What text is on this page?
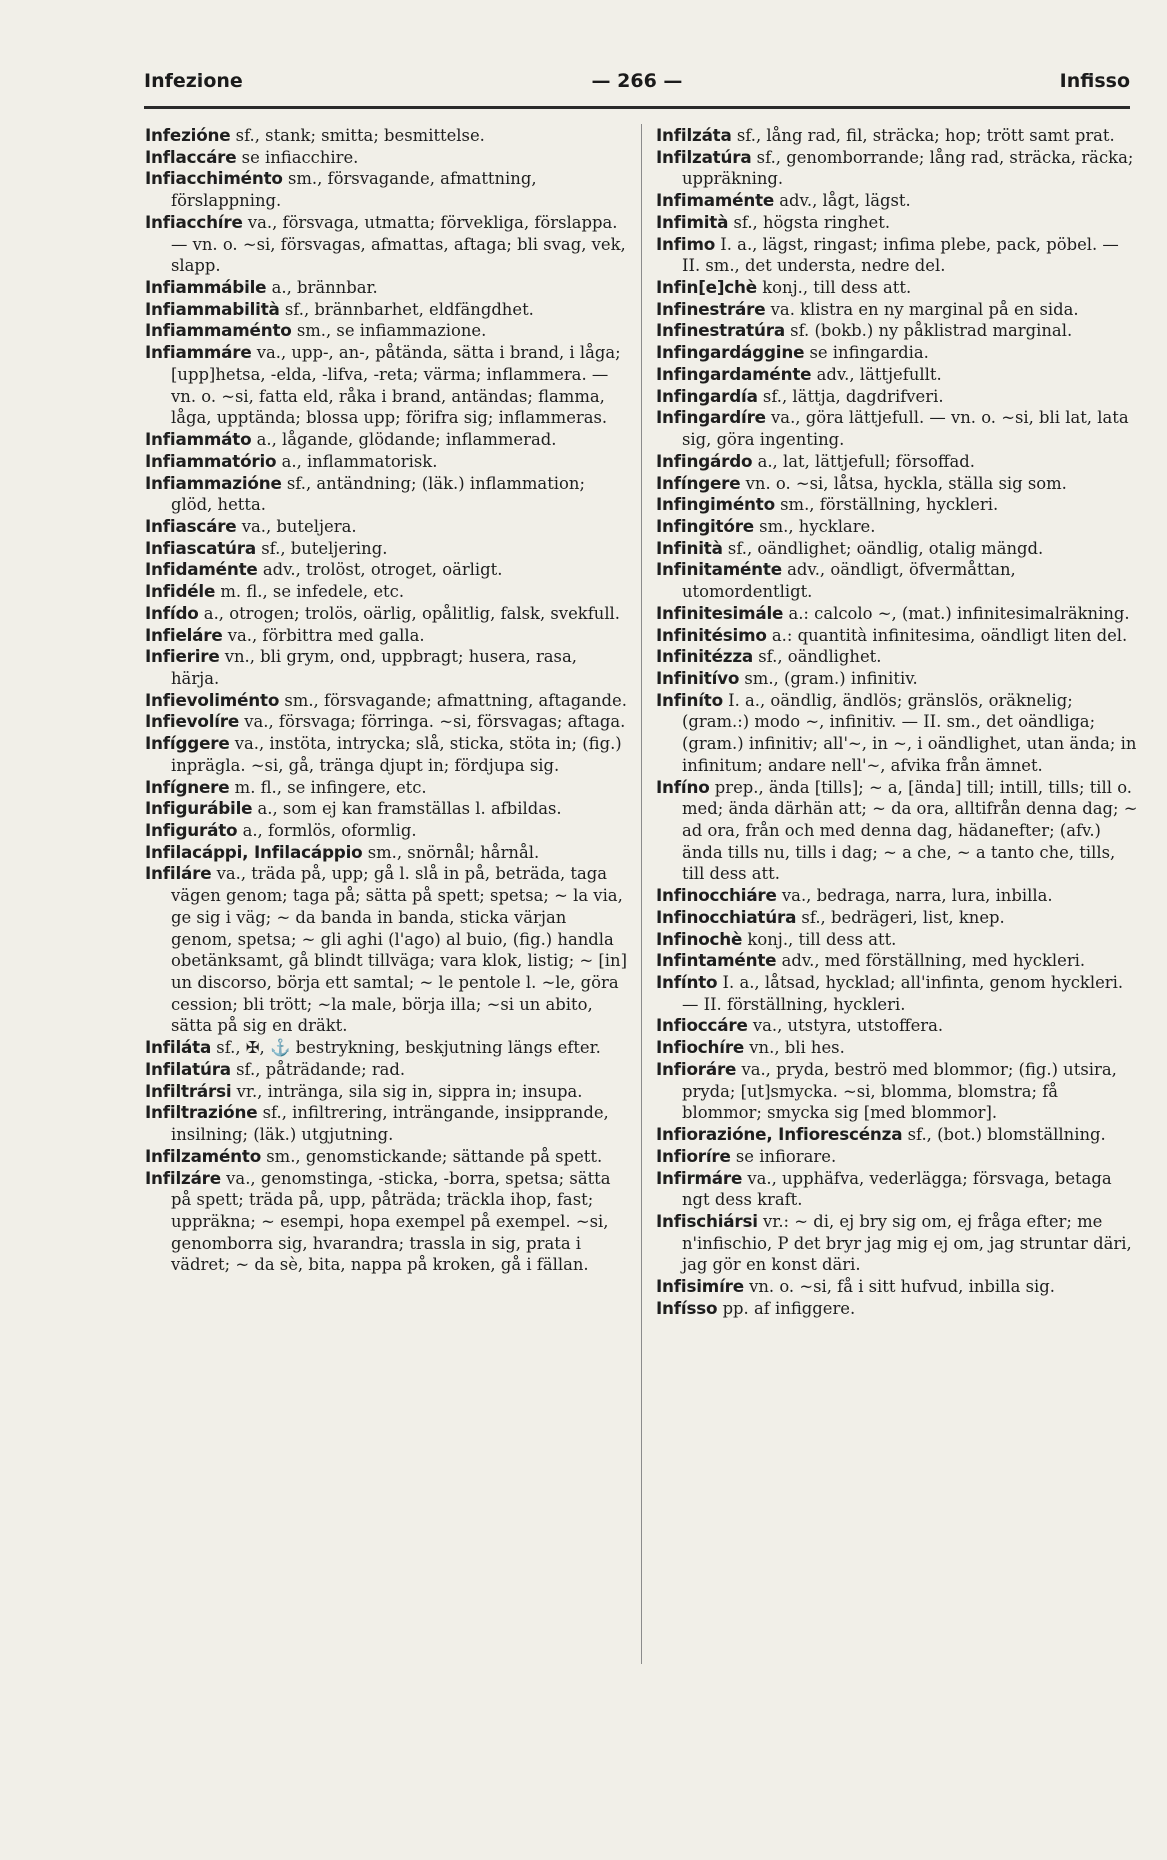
Infezione	— 266 —	Infisso

Infezióne sf., stank; smitta; besmittelse.

Inflaccáre se infiacchire.

Infiacchiménto sm., försvagande, afmattning, förslappning.

Infiacchíre va., försvaga, utmatta; förvekliga, förslappa. — vn. o. ~si, försvagas, afmattas, aftaga; bli svag, vek, slapp.

Infiammábile a., brännbar.

Infiammabilità sf., brännbarhet, eldfängdhet.

Infiammaménto sm., se infiammazione.

Infiammáre va., upp-, an-, påtända, sätta i brand, i låga; [upp]hetsa, -elda, -lifva, -reta; värma; inflammera. — vn. o. ~si, fatta eld, råka i brand, antändas; flamma, låga, upptända; blossa upp; förifra sig; inflammeras.

Infiammáto a., lågande, glödande; inflammerad.

Infiammatório a., inflammatorisk.

Infiammazióne sf., antändning; (läk.) inflammation; glöd, hetta.

Infiascáre va., buteljera.

Infiascatúra sf., buteljering.

Infidaménte adv., trolöst, otroget, oärligt.

Infidéle m. fl., se infedele, etc.

Infído a., otrogen; trolös, oärlig, opålitlig, falsk, svekfull.

Infieláre va., förbittra med galla.

Infierire vn., bli grym, ond, uppbragt; husera, rasa, härja.

Infievoliménto sm., försvagande; afmattning, aftagande.

Infievolíre va., försvaga; förringa. ~si, försvagas; aftaga.

Infíggere va., instöta, intrycka; slå, sticka, stöta in; (fig.) inprägla. ~si, gå, tränga djupt in; fördjupa sig.

Infígnere m. fl., se infingere, etc.

Infigurábile a., som ej kan framställas l. afbildas.

Infiguráto a., formlös, oformlig.

Infilacáppi, Infilacáppio sm., snörnål; hårnål.

Infiláre va., träda på, upp; gå l. slå in på, beträda, taga vägen genom; taga på; sätta på spett; spetsa; ~ la via, ge sig i väg; ~ da banda in banda, sticka värjan genom, spetsa; ~ gli aghi (l'ago) al buio, (fig.) handla obetänksamt, gå blindt tillväga; vara klok, listig; ~ [in] un discorso, börja ett samtal; ~ le pentole l. ~le, göra cession; bli trött; ~la male, börja illa; ~si un abito, sätta på sig en dräkt.

Infiláta sf., ✠, ⚓ bestrykning, beskjutning längs efter.

Infilatúra sf., påträdande; rad.

Infiltrársi vr., inträngа, sila sig in, sippra in; insupa.

Infiltrazióne sf., infiltrering, inträngande, insipprande, insilning; (läk.) utgjutning.

Infilzaménto sm., genomstickande; sättande på spett.

Infilzáre va., genomstinga, -sticka, -borra, spetsa; sätta på spett; träda på, upp, påträda; träckla ihop, fast; uppräkna; ~ esempi, hopa exempel på exempel. ~si, genomborra sig, hvarandra; trassla in sig, prata i vädret; ~ da sè, bita, nappa på kroken, gå i fällan.

Infilzáta sf., lång rad, fil, sträcka; hop; trött samt prat.

Infilzatúra sf., genomborrande; lång rad, sträcka, räcka; uppräkning.

Infimaménte adv., lågt, lägst.

Infimità sf., högsta ringhet.

Infimo I. a., lägst, ringast; infima plebe, pack, pöbel. — II. sm., det understa, nedre del.

Infin[e]chè konj., till dess att.

Infinestráre va. klistra en ny marginal på en sida.

Infinestratúra sf. (bokb.) ny påklistrad marginal.

Infingardággine se infingardia.

Infingardaménte adv., lättjefullt.

Infingardía sf., lättja, dagdrifveri.

Infingardíre va., göra lättjefull. — vn. o. ~si, bli lat, lata sig, göra ingenting.

Infingárdo a., lat, lättjefull; försoffad.

Infíngere vn. o. ~si, låtsa, hyckla, ställa sig som.

Infingiménto sm., förställning, hyckleri.

Infingitóre sm., hycklare.

Infinità sf., oändlighet; oändlig, otalig mängd.

Infinitaménte adv., oändligt, öfvermåttan, utomordentligt.

Infinitesimále a.: calcolo ~, (mat.) infinitesimalräkning.

Infinitésimo a.: quantità infinitesima, oändligt liten del.

Infinitézza sf., oändlighet.

Infinitívo sm., (gram.) infinitiv.

Infiníto I. a., oändlig, ändlös; gränslös, oräknelig; (gram.:) modo ~, infinitiv. — II. sm., det oändliga; (gram.) infinitiv; all'~, in ~, i oändlighet, utan ända; in infinitum; andare nell'~, afvika från ämnet.

Infíno prep., ända [tills]; ~ a, [ända] till; intill, tills; till o. med; ända därhän att; ~ da ora, alltifrån denna dag; ~ ad ora, från och med denna dag, hädanefter; (afv.) ända tills nu, tills i dag; ~ a che, ~ a tanto che, tills, till dess att.

Infinocchiáre va., bedraga, narra, lura, inbilla.

Infinocchiatúra sf., bedrägeri, list, knep.

Infinochè konj., till dess att.

Infintaménte adv., med förställning, med hyckleri.

Infínto I. a., låtsad, hycklad; all'infinta, genom hyckleri. — II. förställning, hyckleri.

Infioccáre va., utstyra, utstoffera.

Infiochíre vn., bli hes.

Infioráre va., pryda, beströ med blommor; (fig.) utsira, pryda; [ut]smycka. ~si, blomma, blomstra; få blommor; smycka sig [med blommor].

Infiorazióne, Infiorescénza sf., (bot.) blomställning.

Infioríre se infiorare.

Infirmáre va., upphäfva, vederlägga; försvaga, betaga ngt dess kraft.

Infischiársi vr.: ~ di, ej bry sig om, ej fråga efter; me n'infischio, P det bryr jag mig ej om, jag struntar däri, jag gör en konst däri.

Infisimíre vn. o. ~si, få i sitt hufvud, inbilla sig.

Infísso pp. af infiggere.
